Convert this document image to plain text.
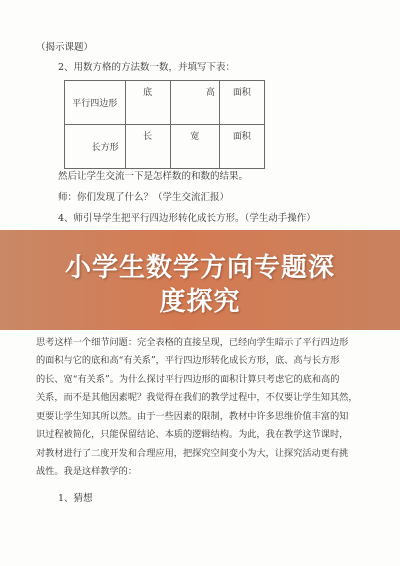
（揭示课题）
2、用数方格的方法数一数，并填写下表：
平行四边形	底	高	面积
长方形	长	宽	面积
然后让学生交流一下是怎样数的和数的结果。
师：你们发现了什么？（学生交流汇报）
4、师引导学生把平行四边形转化成长方形。（学生动手操作）
小学生数学方向专题深
度探究
思考这样一个细节问题：完全表格的直接呈现，已经向学生暗示了平行四边形
的面积与它的底和高“有关系”，平行四边形转化成长方形，底、高与长方形
的长、宽“有关系”。为什么探讨平行四边形的面积计算只考虑它的底和高的
关系，而不是其他因素呢？我觉得在我们的教学过程中，不仅要让学生知其然，
更要让学生知其所以然。由于一些因素的限制，教材中许多思维价值丰富的知
识过程被简化，只能保留结论、本质的逻辑结构。为此，我在教学这节课时，
对教材进行了二度开发和合理应用，把探究空间变小为大，让探究活动更有挑
战性。我是这样教学的：
1、猜想
